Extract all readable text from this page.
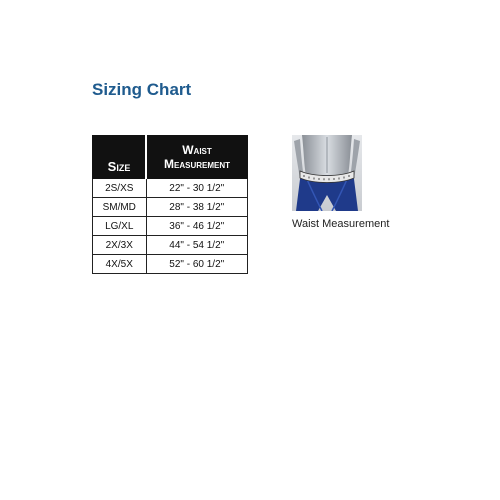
Sizing Chart
Size	Waist
Measurement

2S/XS	22" - 30 1/2"
SM/MD	28" - 38 1/2"
LG/XL	36" - 46 1/2"
2X/3X	44" - 54 1/2"
4X/5X	52" - 60 1/2"
Waist Measurement
